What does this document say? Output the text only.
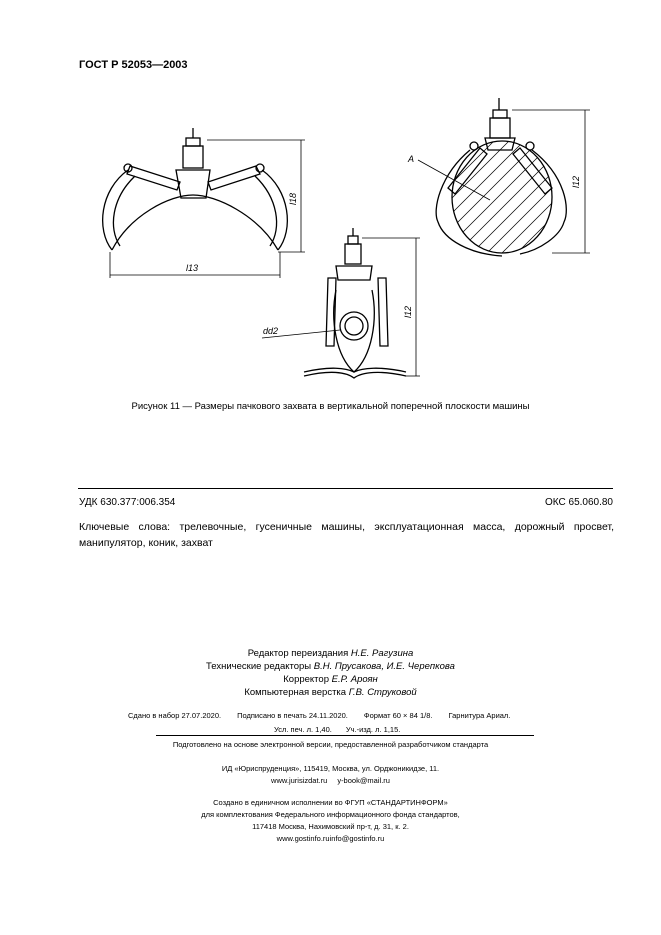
ГОСТ Р 52053—2003
l13
l18
l12
l12
dd2
A
Рисунок 11 — Размеры пачкового захвата в вертикальной поперечной плоскости машины
УДК 630.377:006.354	ОКС 65.060.80
Ключевые слова: трелевочные, гусеничные машины, эксплуатационная масса, дорожный просвет, манипулятор, коник, захват
Редактор переиздания Н.Е. Рагузина
Технические редакторы В.Н. Прусакова, И.Е. Черепкова
Корректор Е.Р. Ароян
Компьютерная верстка Г.В. Струковой
Сдано в набор 27.07.2020. Подписано в печать 24.11.2020. Формат 60 × 84 1/8. Гарнитура Ариал.
Усл. печ. л. 1,40. Уч.-изд. л. 1,15.
Подготовлено на основе электронной версии, предоставленной разработчиком стандарта
ИД «Юриспруденция», 115419, Москва, ул. Орджоникидзе, 11.
www.jurisizdat.ru y-book@mail.ru
Создано в единичном исполнении во ФГУП «СТАНДАРТИНФОРМ»
для комплектования Федерального информационного фонда стандартов,
117418 Москва, Нахимовский пр-т, д. 31, к. 2.
www.gostinfo.ruinfo@gostinfo.ru
